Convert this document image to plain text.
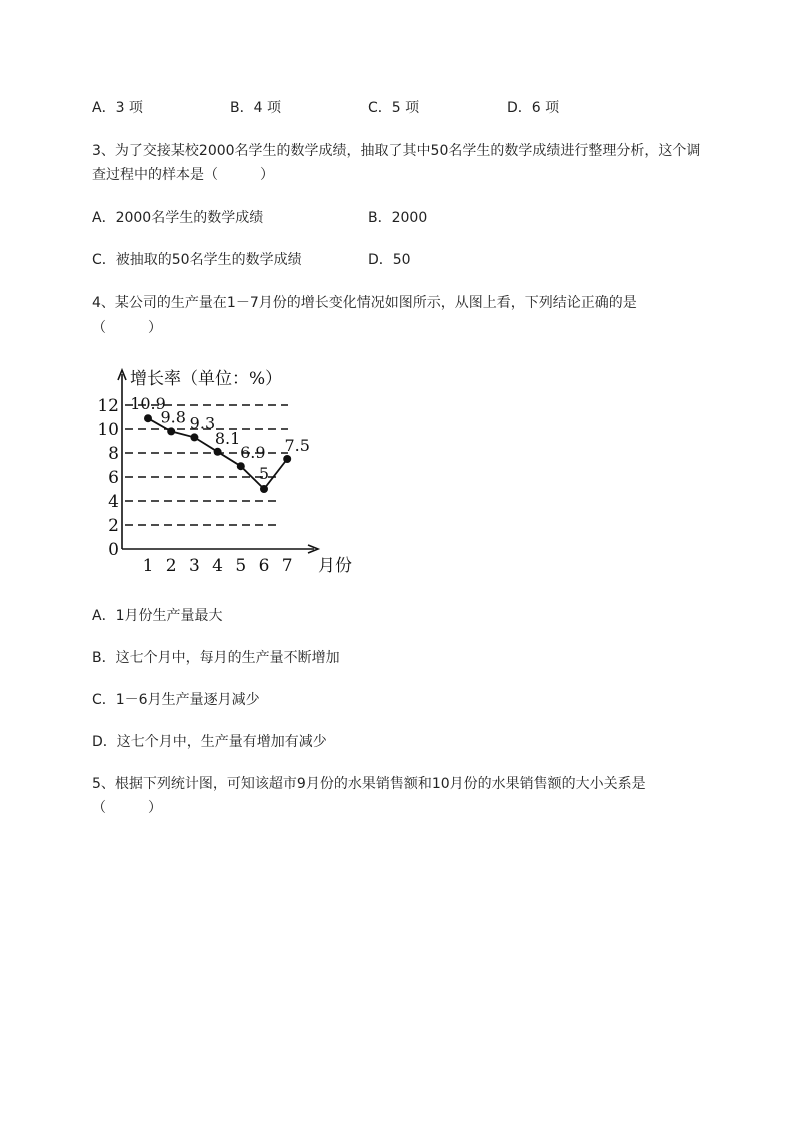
A．3 项	B．4 项	C．5 项	D．6 项
3、为了交接某校2000名学生的数学成绩，抽取了其中50名学生的数学成绩进行整理分析，这个调
查过程中的样本是（　　　）
A．2000名学生的数学成绩	B．2000
C．被抽取的50名学生的数学成绩	D．50
4、某公司的生产量在1－7月份的增长变化情况如图所示，从图上看，下列结论正确的是
（　　　）
增长率（单位：%）
0
2
4
6
8
10
12
1 2 3 4 5 6 7 月份
10.9
9.8 9.3
8.1
6.9
5
7.5
A．1月份生产量最大
B．这七个月中，每月的生产量不断增加
C．1－6月生产量逐月减少
D．这七个月中，生产量有增加有减少
5、根据下列统计图，可知该超市9月份的水果销售额和10月份的水果销售额的大小关系是
（　　　）
